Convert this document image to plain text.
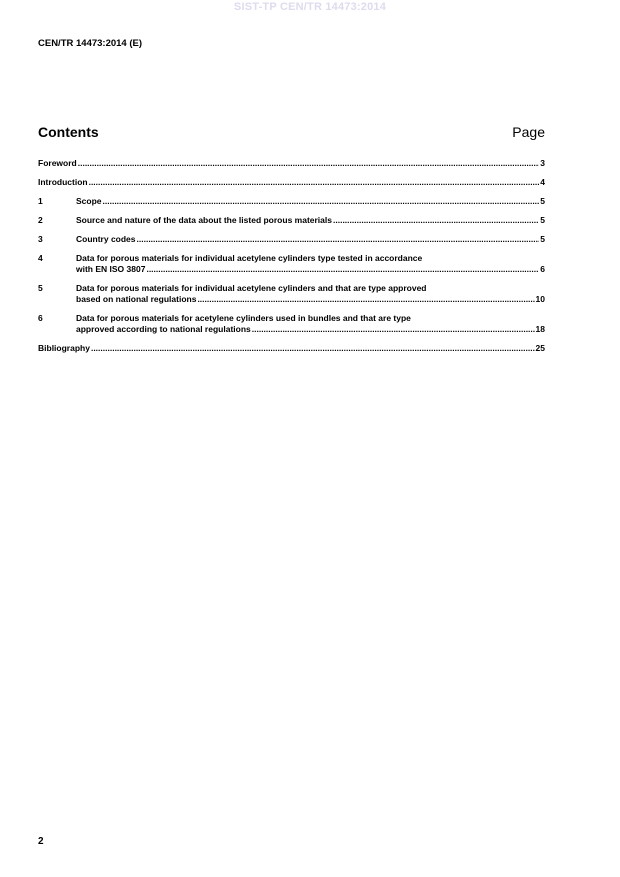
SIST-TP CEN/TR 14473:2014
CEN/TR 14473:2014 (E)
Contents	Page
Foreword .....	3
Introduction .....	4
1	Scope .....	5
2	Source and nature of the data about the listed porous materials .....	5
3	Country codes .....	5
4	Data for porous materials for individual acetylene cylinders type tested in accordance
with EN ISO 3807 .....	6
5	Data for porous materials for individual acetylene cylinders and that are type approved
based on national regulations .....	10
6	Data for porous materials for acetylene cylinders used in bundles and that are type
approved according to national regulations .....	18
Bibliography .....	25
2
